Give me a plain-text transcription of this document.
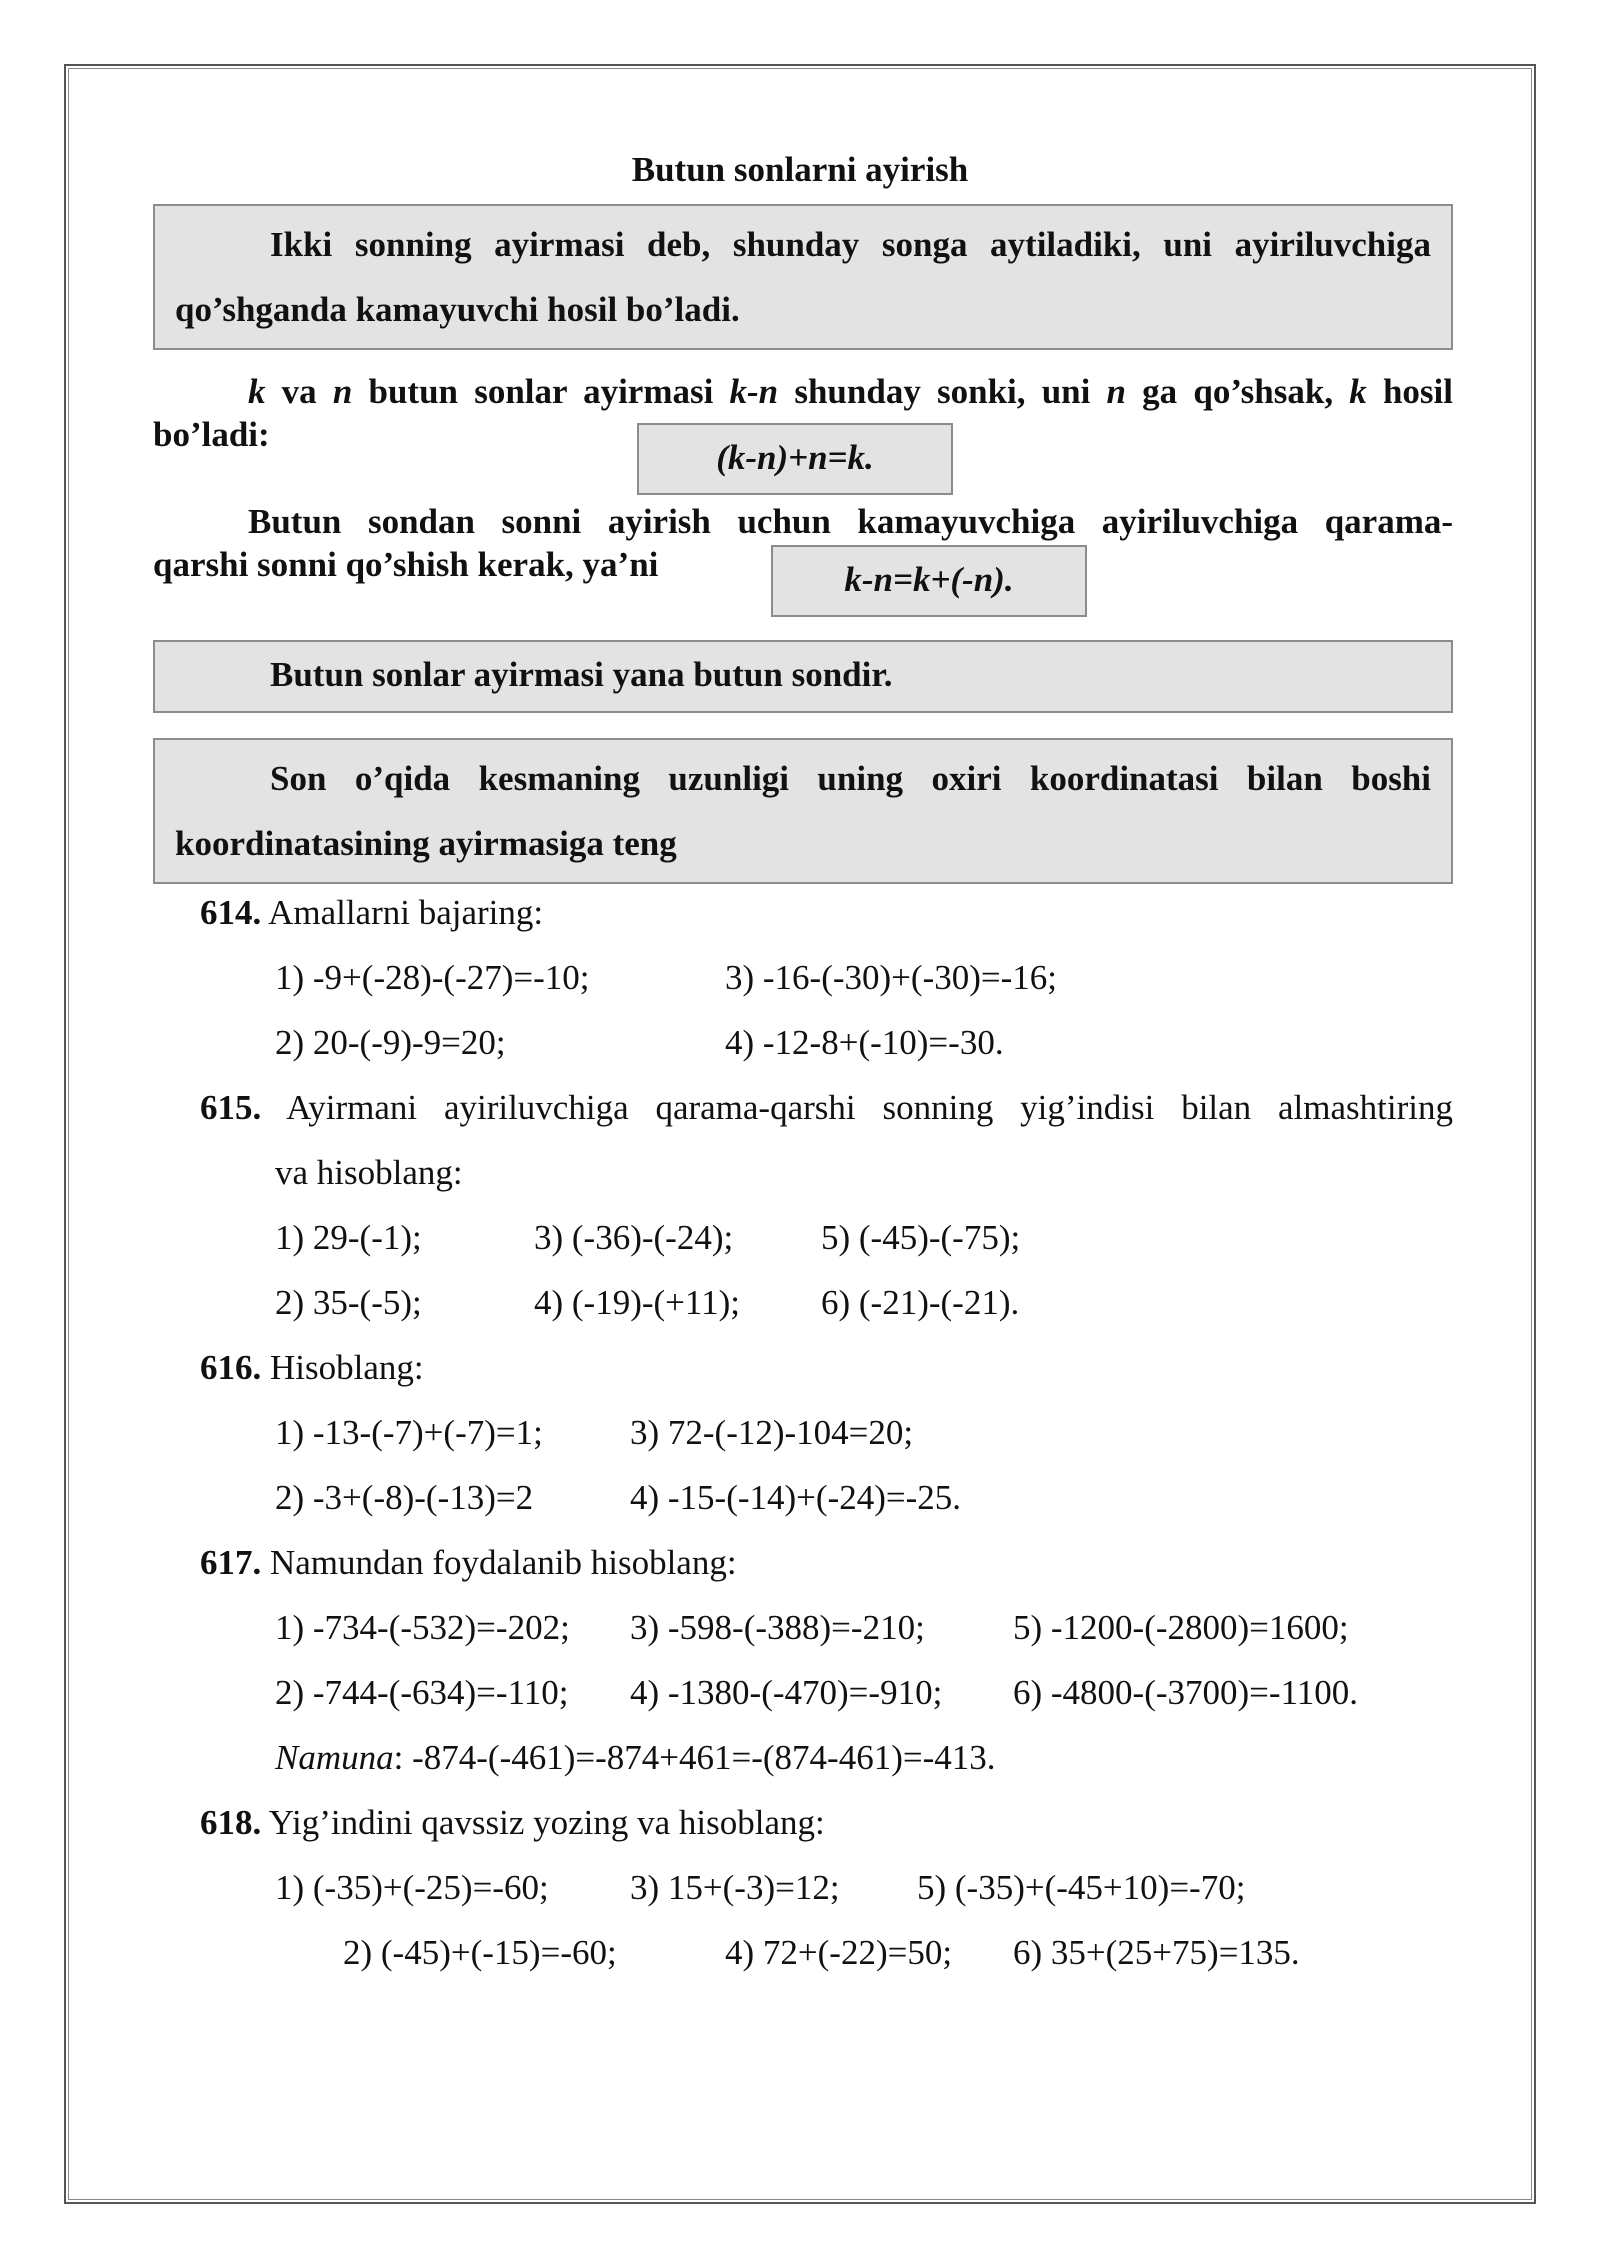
Butun sonlarni ayirish
Ikki sonning ayirmasi deb, shunday songa aytiladiki, uni ayiriluvchiga
qo’shganda kamayuvchi hosil bo’ladi.
k va n butun sonlar ayirmasi k-n shunday sonki, uni n ga qo’shsak, k hosil
bo’ladi:
(k-n)+n=k.
Butun sondan sonni ayirish uchun kamayuvchiga ayiriluvchiga qarama-
qarshi sonni qo’shish kerak, ya’ni	k-n=k+(-n).
Butun sonlar ayirmasi yana butun sondir.
Son o’qida kesmaning uzunligi uning oxiri koordinatasi bilan boshi
koordinatasining ayirmasiga teng
614. Amallarni bajaring:
1) -9+(-28)-(-27)=-10;	3) -16-(-30)+(-30)=-16;
2) 20-(-9)-9=20;	4) -12-8+(-10)=-30.
615. Ayirmani ayiriluvchiga qarama-qarshi sonning yig’indisi bilan almashtiring
va hisoblang:
1) 29-(-1);	3) (-36)-(-24);	5) (-45)-(-75);
2) 35-(-5);	4) (-19)-(+11); 6) (-21)-(-21).
616. Hisoblang:
1) -13-(-7)+(-7)=1; 3) 72-(-12)-104=20;
2) -3+(-8)-(-13)=2	4) -15-(-14)+(-24)=-25.
617. Namundan foydalanib hisoblang:
1) -734-(-532)=-202; 3) -598-(-388)=-210;	5) -1200-(-2800)=1600;
2) -744-(-634)=-110; 4) -1380-(-470)=-910; 6) -4800-(-3700)=-1100.
Namuna: -874-(-461)=-874+461=-(874-461)=-413.
618. Yig’indini qavssiz yozing va hisoblang:
1) (-35)+(-25)=-60; 3) 15+(-3)=12; 5) (-35)+(-45+10)=-70;
2) (-45)+(-15)=-60;	4) 72+(-22)=50; 6) 35+(25+75)=135.
